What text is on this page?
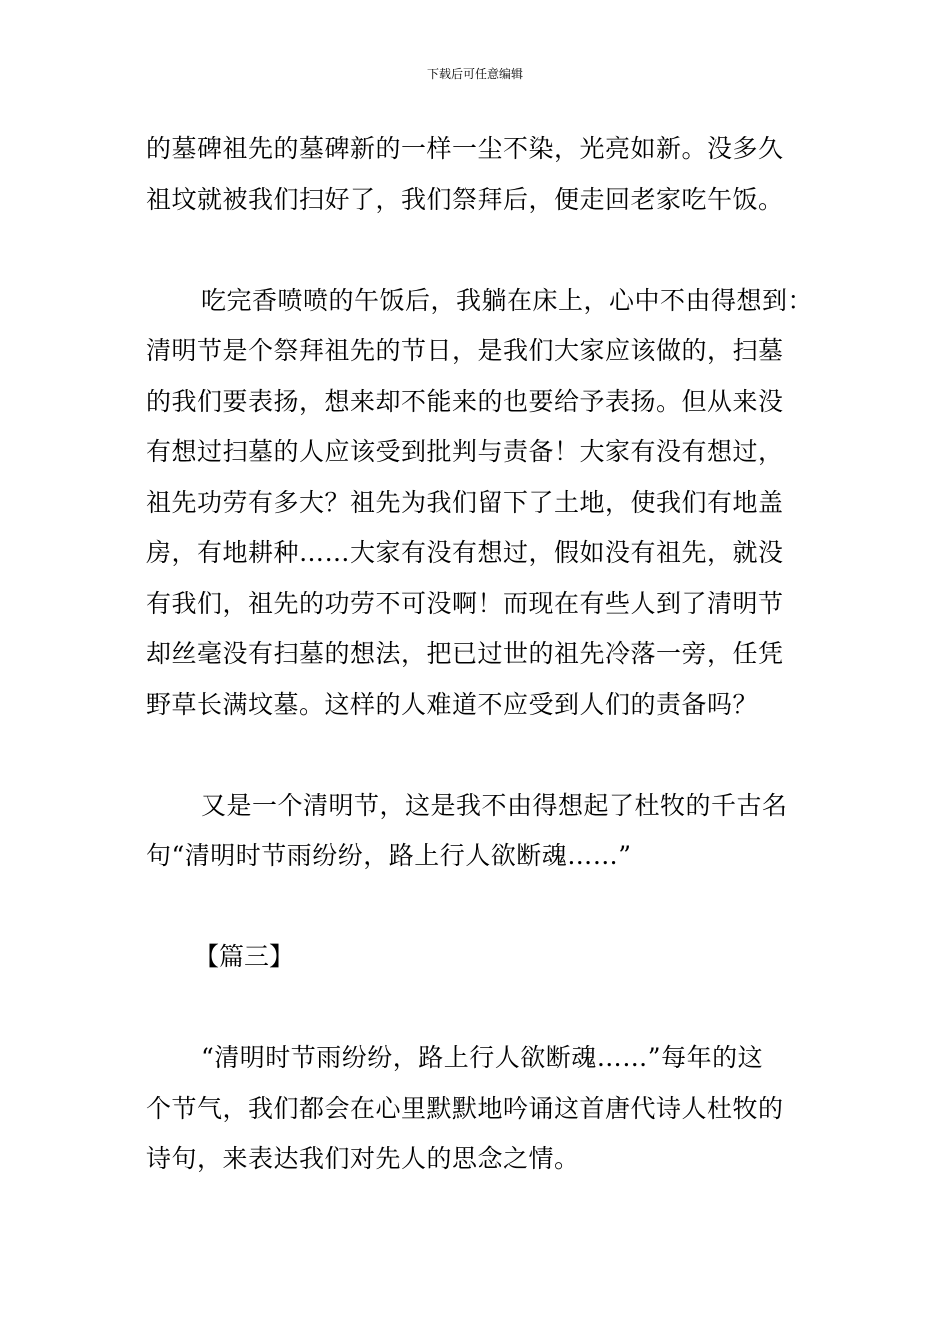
下载后可任意编辑

的墓碑祖先的墓碑新的一样一尘不染，光亮如新。没多久
祖坟就被我们扫好了，我们祭拜后，便走回老家吃午饭。

吃完香喷喷的午饭后，我躺在床上，心中不由得想到：
清明节是个祭拜祖先的节日，是我们大家应该做的，扫墓
的我们要表扬，想来却不能来的也要给予表扬。但从来没
有想过扫墓的人应该受到批判与责备！大家有没有想过，
祖先功劳有多大？祖先为我们留下了土地，使我们有地盖
房，有地耕种……大家有没有想过，假如没有祖先，就没
有我们，祖先的功劳不可没啊！而现在有些人到了清明节
却丝毫没有扫墓的想法，把已过世的祖先冷落一旁，任凭
野草长满坟墓。这样的人难道不应受到人们的责备吗？

又是一个清明节，这是我不由得想起了杜牧的千古名
句“清明时节雨纷纷，路上行人欲断魂……”

【篇三】

“清明时节雨纷纷，路上行人欲断魂……”每年的这
个节气，我们都会在心里默默地吟诵这首唐代诗人杜牧的
诗句，来表达我们对先人的思念之情。
